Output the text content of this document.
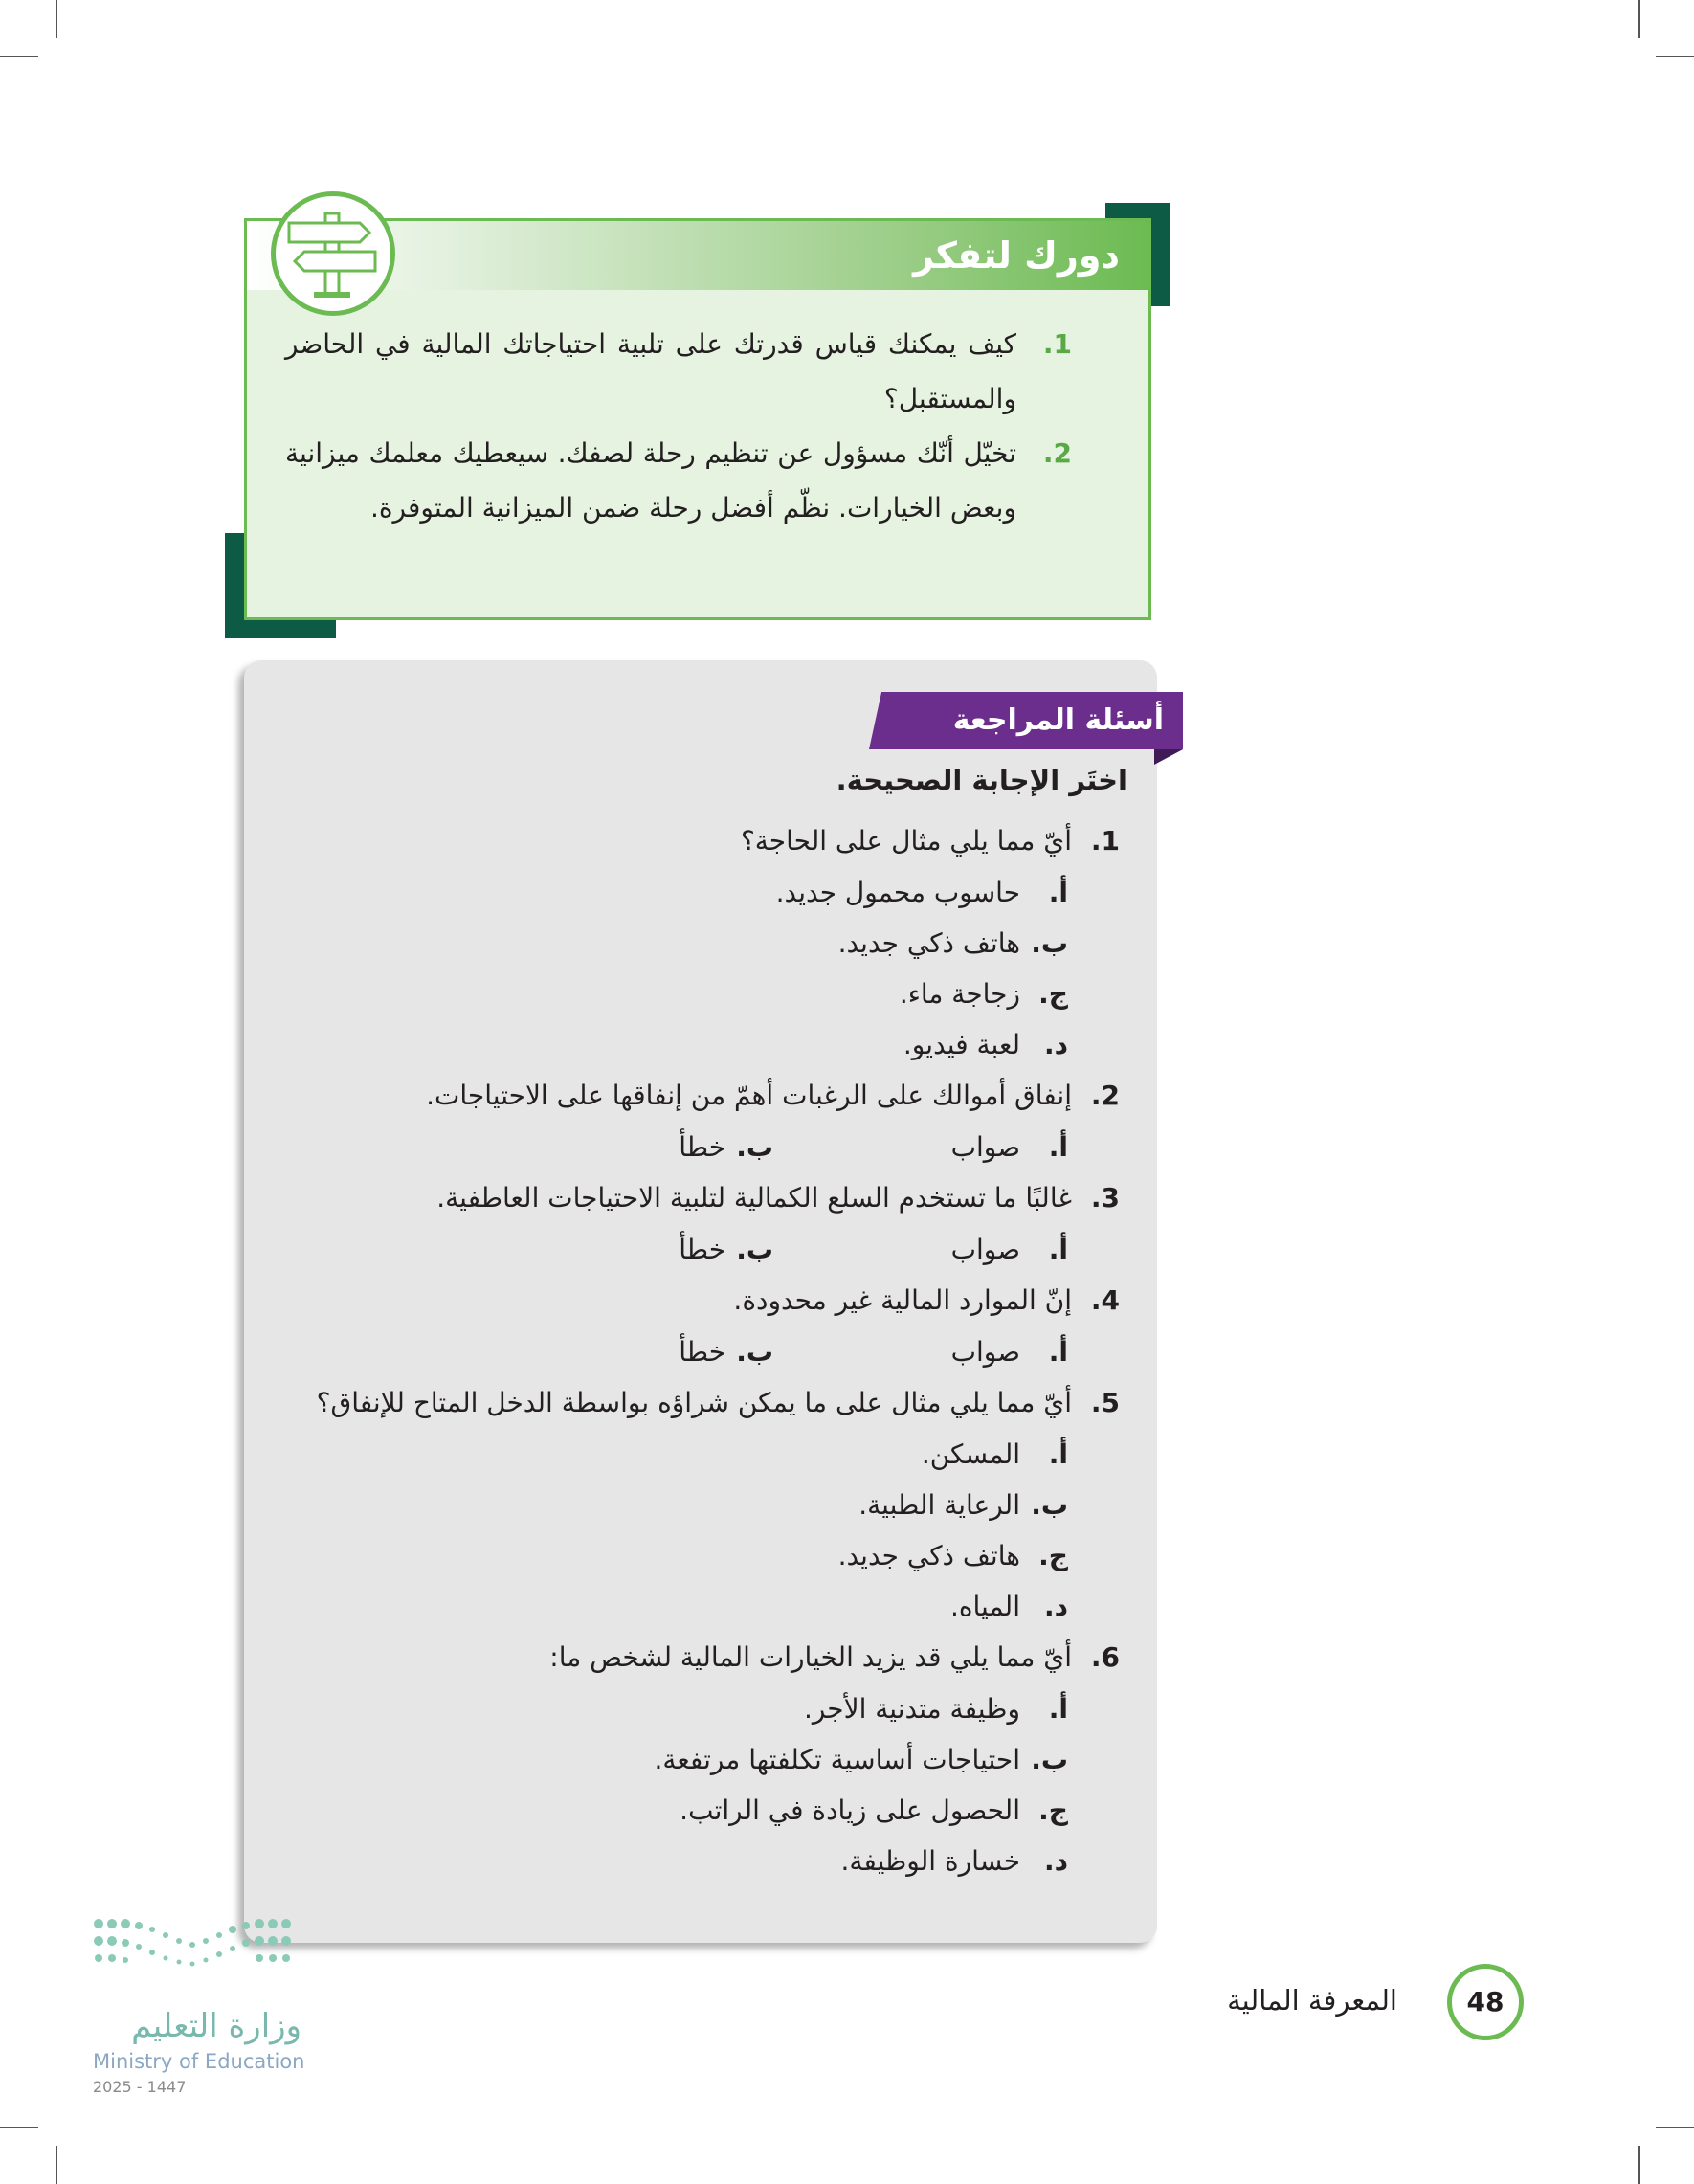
دورك لتفكر
.1
كيف يمكنك قياس قدرتك على تلبية احتياجاتك المالية في الحاضر والمستقبل؟
.2
تخيّل أنّك مسؤول عن تنظيم رحلة لصفك. سيعطيك معلمك ميزانية وبعض الخيارات. نظّم أفضل رحلة ضمن الميزانية المتوفرة.
أسئلة المراجعة
اختَر الإجابة الصحيحة.
.1
أيّ مما يلي مثال على الحاجة؟
أ.
حاسوب محمول جديد.
ب.
هاتف ذكي جديد.
ج.
زجاجة ماء.
د.
لعبة فيديو.
.2
إنفاق أموالك على الرغبات أهمّ من إنفاقها على الاحتياجات.
أ.
صواب
ب.
خطأ
.3
غالبًا ما تستخدم السلع الكمالية لتلبية الاحتياجات العاطفية.
أ.
صواب
ب.
خطأ
.4
إنّ الموارد المالية غير محدودة.
أ.
صواب
ب.
خطأ
.5
أيّ مما يلي مثال على ما يمكن شراؤه بواسطة الدخل المتاح للإنفاق؟
أ.
المسكن.
ب.
الرعاية الطبية.
ج.
هاتف ذكي جديد.
د.
المياه.
.6
أيّ مما يلي قد يزيد الخيارات المالية لشخص ما:
أ.
وظيفة متدنية الأجر.
ب.
احتياجات أساسية تكلفتها مرتفعة.
ج.
الحصول على زيادة في الراتب.
د.
خسارة الوظيفة.
وزارة التعليم
Ministry of Education
2025 - 1447
المعرفة المالية	48
